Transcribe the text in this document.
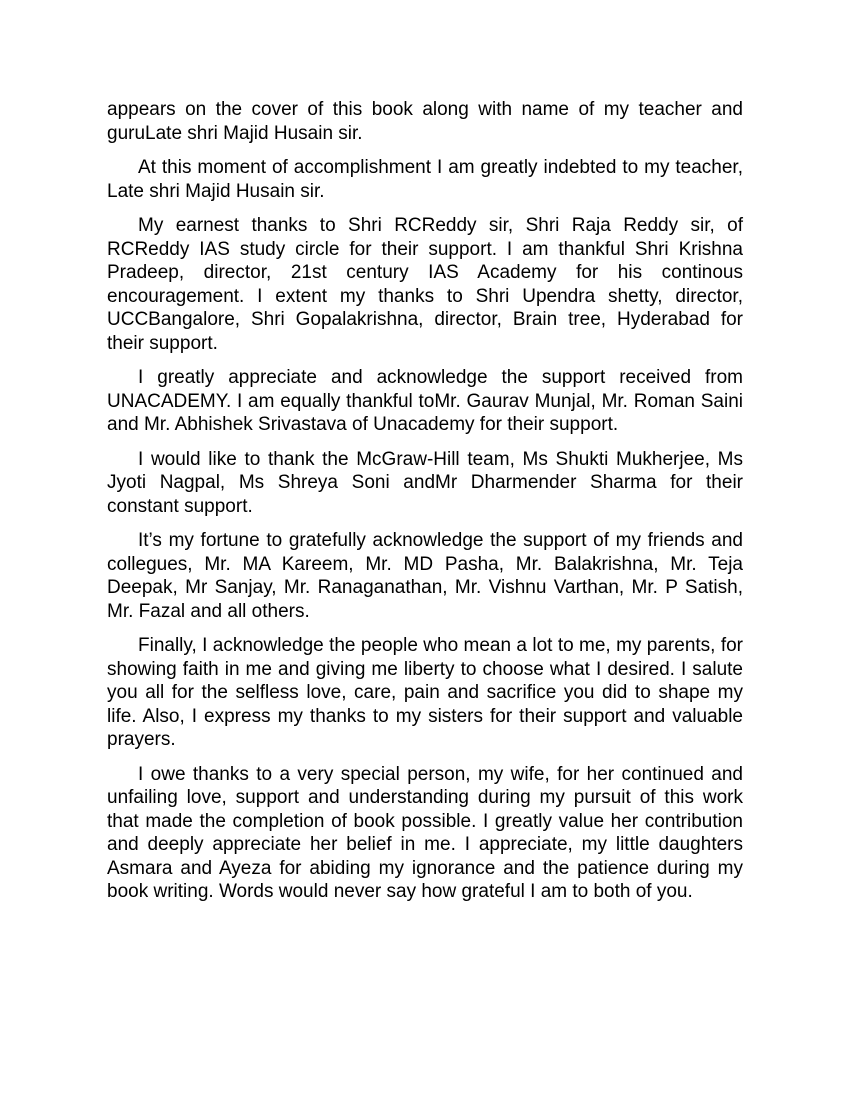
appears on the cover of this book along with name of my teacher and guruLate shri Majid Husain sir.

At this moment of accomplishment I am greatly indebted to my teacher, Late shri Majid Husain sir.

My earnest thanks to Shri RCReddy sir, Shri Raja Reddy sir, of RCReddy IAS study circle for their support. I am thankful Shri Krishna Pradeep, director, 21st century IAS Academy for his continous encouragement. I extent my thanks to Shri Upendra shetty, director, UCCBangalore, Shri Gopalakrishna, director, Brain tree, Hyderabad for their support.

I greatly appreciate and acknowledge the support received from UNACADEMY. I am equally thankful toMr. Gaurav Munjal, Mr. Roman Saini and Mr. Abhishek Srivastava of Unacademy for their support.

I would like to thank the McGraw-Hill team, Ms Shukti Mukherjee, Ms Jyoti Nagpal, Ms Shreya Soni andMr Dharmender Sharma for their constant support.

It’s my fortune to gratefully acknowledge the support of my friends and collegues, Mr. MA Kareem, Mr. MD Pasha, Mr. Balakrishna, Mr. Teja Deepak, Mr Sanjay, Mr. Ranaganathan, Mr. Vishnu Varthan, Mr. P Satish, Mr. Fazal and all others.

Finally, I acknowledge the people who mean a lot to me, my parents, for showing faith in me and giving me liberty to choose what I desired. I salute you all for the selfless love, care, pain and sacrifice you did to shape my life. Also, I express my thanks to my sisters for their support and valuable prayers.

I owe thanks to a very special person, my wife, for her continued and unfailing love, support and understanding during my pursuit of this work that made the completion of book possible. I greatly value her contribution and deeply appreciate her belief in me. I appreciate, my little daughters Asmara and Ayeza for abiding my ignorance and the patience during my book writing. Words would never say how grateful I am to both of you.
